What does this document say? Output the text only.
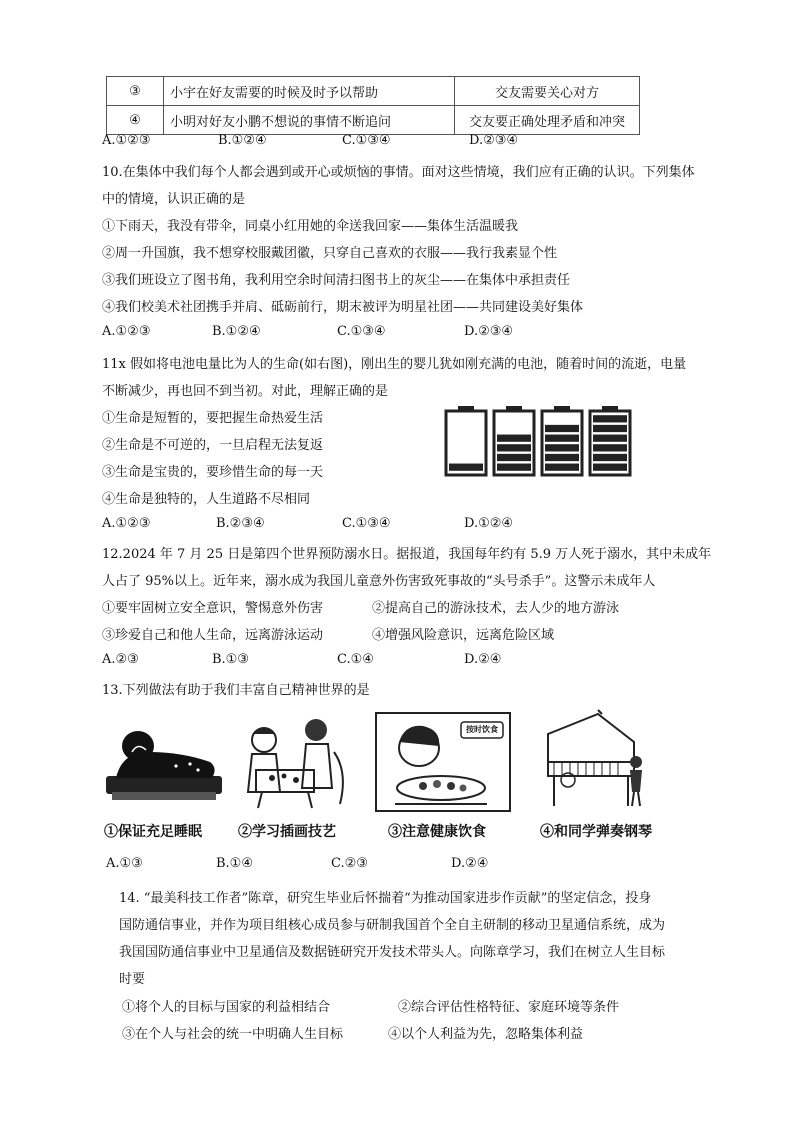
③	小宇在好友需要的时候及时予以帮助	交友需要关心对方
④	小明对好友小鹏不想说的事情不断追问	交友要正确处理矛盾和冲突
A.①②③	B.①②④	C.①③④	D.②③④
10.在集体中我们每个人都会遇到或开心或烦恼的事情。面对这些情境，我们应有正确的认识。下列集体
中的情境，认识正确的是
①下雨天，我没有带伞，同桌小红用她的伞送我回家——集体生活温暖我
②周一升国旗，我不想穿校服戴团徽，只穿自己喜欢的衣服——我行我素显个性
③我们班设立了图书角，我利用空余时间清扫图书上的灰尘——在集体中承担责任
④我们校美术社团携手并肩、砥砺前行，期末被评为明星社团——共同建设美好集体
A.①②③	B.①②④	C.①③④	D.②③④
11x 假如将电池电量比为人的生命(如右图)，刚出生的婴儿犹如刚充满的电池，随着时间的流逝，电量
不断减少，再也回不到当初。对此，理解正确的是
①生命是短暂的，要把握生命热爱生活
②生命是不可逆的，一旦启程无法复返
③生命是宝贵的，要珍惜生命的每一天
④生命是独特的，人生道路不尽相同
A.①②③	B.②③④	C.①③④	D.①②④
12.2024 年 7 月 25 日是第四个世界预防溺水日。据报道，我国每年约有 5.9 万人死于溺水，其中未成年
人占了 95%以上。近年来，溺水成为我国儿童意外伤害致死事故的“头号杀手”。这警示未成年人
①要牢固树立安全意识，警惕意外伤害	②提高自己的游泳技术，去人少的地方游泳
③珍爱自己和他人生命，远离游泳运动	④增强风险意识，远离危险区域
A.②③	B.①③	C.①④	D.②④
13.下列做法有助于我们丰富自己精神世界的是
按时饮食
①保证充足睡眠	②学习插画技艺	③注意健康饮食	④和同学弹奏钢琴
A.①③	B.①④	C.②③	D.②④
14. “最美科技工作者”陈章，研究生毕业后怀揣着“为推动国家进步作贡献”的坚定信念，投身
国防通信事业，并作为项目组核心成员参与研制我国首个全自主研制的移动卫星通信系统，成为
我国国防通信事业中卫星通信及数据链研究开发技术带头人。向陈章学习，我们在树立人生目标
时要
①将个人的目标与国家的利益相结合	②综合评估性格特征、家庭环境等条件
③在个人与社会的统一中明确人生目标	④以个人利益为先，忽略集体利益
